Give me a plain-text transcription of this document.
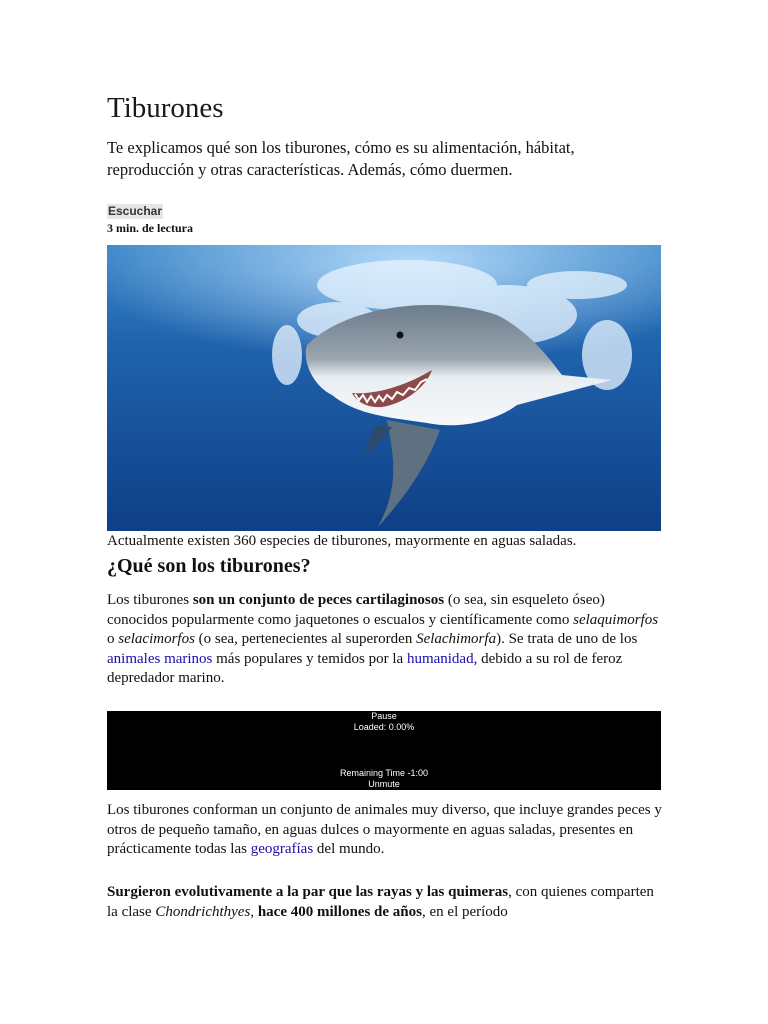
Tiburones

Te explicamos qué son los tiburones, cómo es su alimentación, hábitat, reproducción y otras características. Además, cómo duermen.

Escuchar
3 min. de lectura

Actualmente existen 360 especies de tiburones, mayormente en aguas saladas.

¿Qué son los tiburones?

Los tiburones son un conjunto de peces cartilaginosos (o sea, sin esqueleto óseo) conocidos popularmente como jaquetones o escualos y científicamente como selaquimorfos o selacimorfos (o sea, pertenecientes al superorden Selachimorfa). Se trata de uno de los animales marinos más populares y temidos por la humanidad, debido a su rol de feroz depredador marino.

Pause
Loaded: 0.00%
Remaining Time -1:00
Unmute

Los tiburones conforman un conjunto de animales muy diverso, que incluye grandes peces y otros de pequeño tamaño, en aguas dulces o mayormente en aguas saladas, presentes en prácticamente todas las geografías del mundo.

Surgieron evolutivamente a la par que las rayas y las quimeras, con quienes comparten la clase Chondrichthyes, hace 400 millones de años, en el período
